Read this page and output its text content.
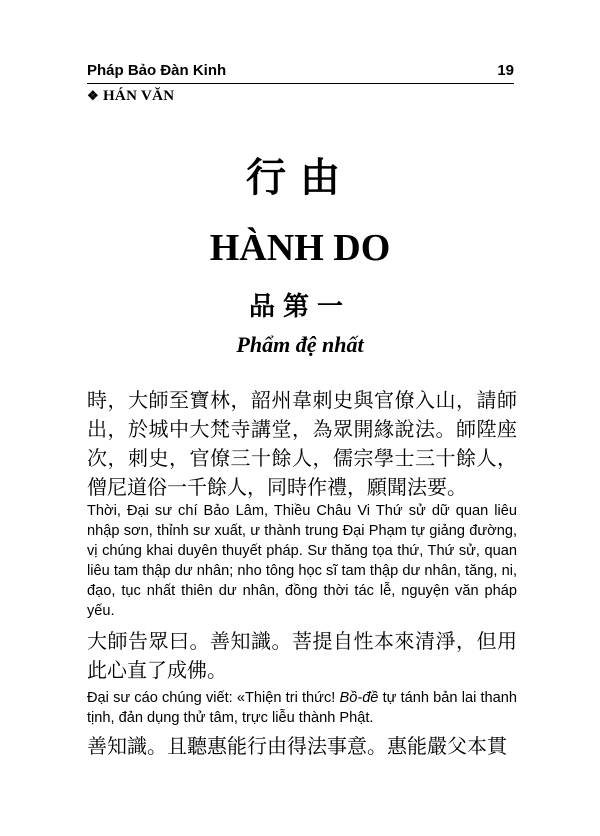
Pháp Bảo Đàn Kinh	19
❖ HÁN VĂN
行由
HÀNH DO
品第一
Phẩm đệ nhất
時，大師至寶林，韶州韋刺史與官僚入山，請師出，於城中大梵寺講堂，為眾開緣說法。師陞座次，刺史，官僚三十餘人，儒宗學士三十餘人，僧尼道俗一千餘人，同時作禮，願聞法要。
Thời, Đại sư chí Bảo Lâm, Thiều Châu Vi Thứ sử dữ quan liêu nhập sơn, thỉnh sư xuất, ư thành trung Đại Phạm tự giảng đường, vị chúng khai duyên thuyết pháp. Sư thăng tọa thứ, Thứ sử, quan liêu tam thập dư nhân; nho tông học sĩ tam thập dư nhân, tăng, ni, đạo, tục nhất thiên dư nhân, đồng thời tác lễ, nguyện văn pháp yếu.
大師告眾曰。善知識。菩提自性本來清淨，但用此心直了成佛。
Đại sư cáo chúng viết: «Thiện tri thức! Bồ-đề tự tánh bản lai thanh tịnh, đản dụng thử tâm, trực liễu thành Phật.
善知識。且聽惠能行由得法事意。惠能嚴父本貫
